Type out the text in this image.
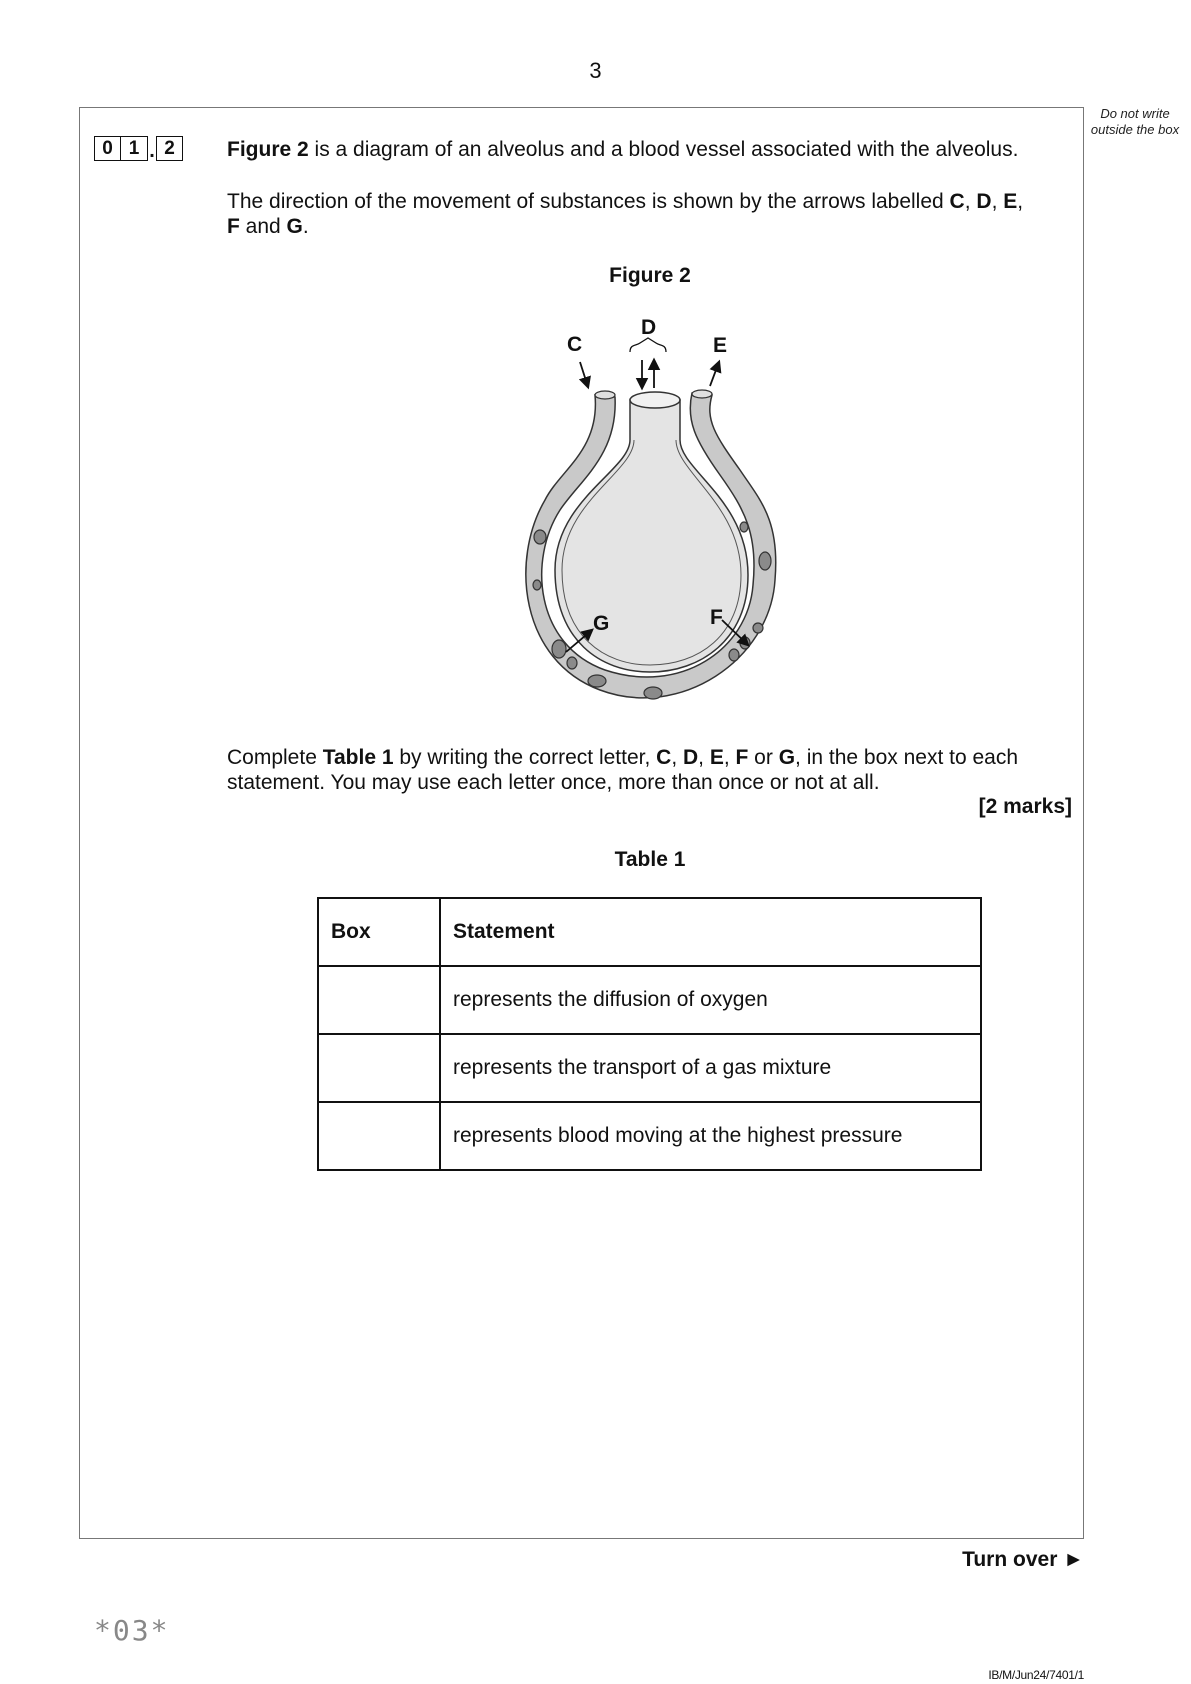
3
Do not write outside the box
0 1 . 2	Figure 2 is a diagram of an alveolus and a blood vessel associated with the alveolus.
The direction of the movement of substances is shown by the arrows labelled C, D, E,
F and G.
Figure 2
C
D
E
F
G
Complete Table 1 by writing the correct letter, C, D, E, F or G, in the box next to each
statement. You may use each letter once, more than once or not at all.
[2 marks]
Table 1
Box	Statement
	represents the diffusion of oxygen
	represents the transport of a gas mixture
	represents blood moving at the highest pressure
Turn over ►
*03*
IB/M/Jun24/7401/1
